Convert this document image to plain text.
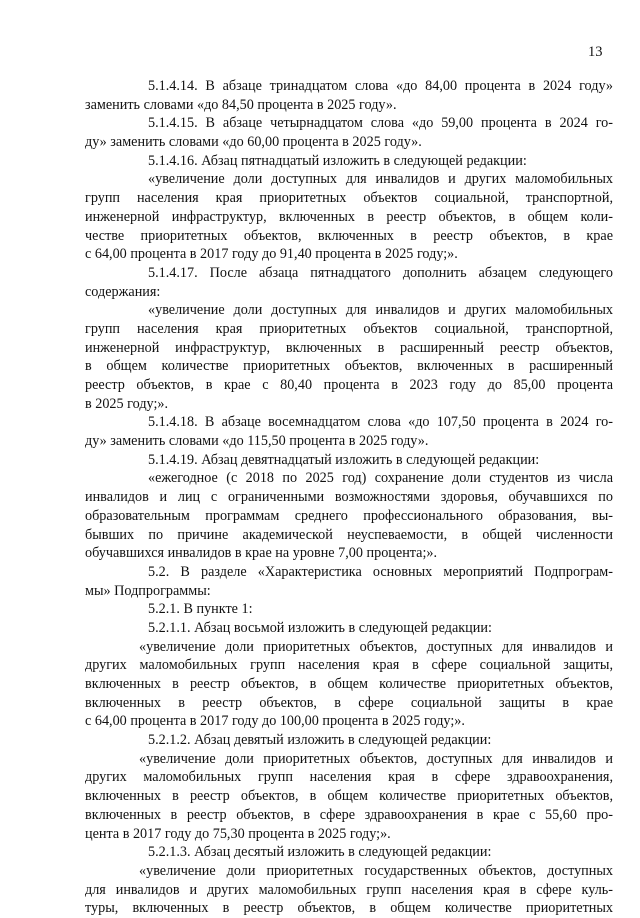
13
5.1.4.14. В абзаце тринадцатом слова «до 84,00 процента в 2024 году»
заменить словами «до 84,50 процента в 2025 году».
5.1.4.15. В абзаце четырнадцатом слова «до 59,00 процента в 2024 го-
ду» заменить словами «до 60,00 процента в 2025 году».
5.1.4.16. Абзац пятнадцатый изложить в следующей редакции:
«увеличение доли доступных для инвалидов и других маломобильных
групп населения края приоритетных объектов социальной, транспортной,
инженерной инфраструктур, включенных в реестр объектов, в общем коли-
честве приоритетных объектов, включенных в реестр объектов, в крае
с 64,00 процента в 2017 году до 91,40 процента в 2025 году;».
5.1.4.17. После абзаца пятнадцатого дополнить абзацем следующего
содержания:
«увеличение доли доступных для инвалидов и других маломобильных
групп населения края приоритетных объектов социальной, транспортной,
инженерной инфраструктур, включенных в расширенный реестр объектов,
в общем количестве приоритетных объектов, включенных в расширенный
реестр объектов, в крае с 80,40 процента в 2023 году до 85,00 процента
в 2025 году;».
5.1.4.18. В абзаце восемнадцатом слова «до 107,50 процента в 2024 го-
ду» заменить словами «до 115,50 процента в 2025 году».
5.1.4.19. Абзац девятнадцатый изложить в следующей редакции:
«ежегодное (с 2018 по 2025 год) сохранение доли студентов из числа
инвалидов и лиц с ограниченными возможностями здоровья, обучавшихся по
образовательным программам среднего профессионального образования, вы-
бывших по причине академической неуспеваемости, в общей численности
обучавшихся инвалидов в крае на уровне 7,00 процента;».
5.2. В разделе «Характеристика основных мероприятий Подпрограм-
мы» Подпрограммы:
5.2.1. В пункте 1:
5.2.1.1. Абзац восьмой изложить в следующей редакции:
«увеличение доли приоритетных объектов, доступных для инвалидов и
других маломобильных групп населения края в сфере социальной защиты,
включенных в реестр объектов, в общем количестве приоритетных объектов,
включенных в реестр объектов, в сфере социальной защиты в крае
с 64,00 процента в 2017 году до 100,00 процента в 2025 году;».
5.2.1.2. Абзац девятый изложить в следующей редакции:
«увеличение доли приоритетных объектов, доступных для инвалидов и
других маломобильных групп населения края в сфере здравоохранения,
включенных в реестр объектов, в общем количестве приоритетных объектов,
включенных в реестр объектов, в сфере здравоохранения в крае с 55,60 про-
цента в 2017 году до 75,30 процента в 2025 году;».
5.2.1.3. Абзац десятый изложить в следующей редакции:
«увеличение доли приоритетных государственных объектов, доступных
для инвалидов и других маломобильных групп населения края в сфере куль-
туры, включенных в реестр объектов, в общем количестве приоритетных
